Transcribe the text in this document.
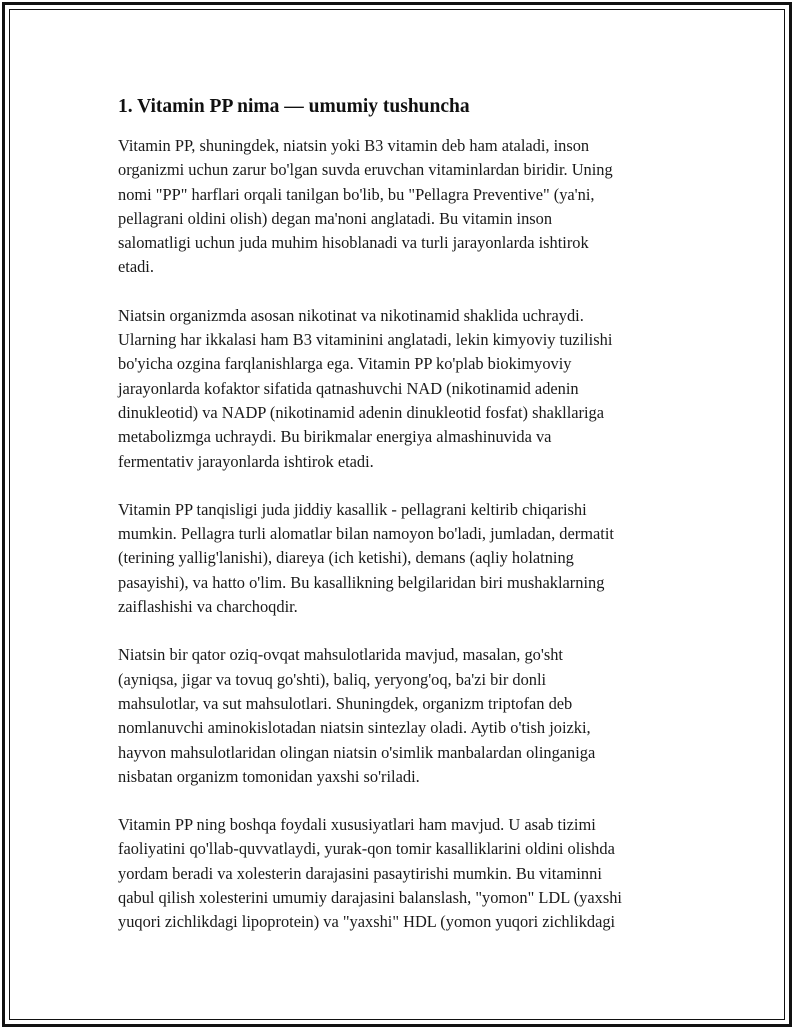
1. Vitamin PP nima — umumiy tushuncha

Vitamin PP, shuningdek, niatsin yoki B3 vitamin deb ham ataladi, inson
organizmi uchun zarur bo'lgan suvda eruvchan vitaminlardan biridir. Uning
nomi "PP" harflari orqali tanilgan bo'lib, bu "Pellagra Preventive" (ya'ni,
pellagrani oldini olish) degan ma'noni anglatadi. Bu vitamin inson
salomatligi uchun juda muhim hisoblanadi va turli jarayonlarda ishtirok
etadi.

Niatsin organizmda asosan nikotinat va nikotinamid shaklida uchraydi.
Ularning har ikkalasi ham B3 vitaminini anglatadi, lekin kimyoviy tuzilishi
bo'yicha ozgina farqlanishlarga ega. Vitamin PP ko'plab biokimyoviy
jarayonlarda kofaktor sifatida qatnashuvchi NAD (nikotinamid adenin
dinukleotid) va NADP (nikotinamid adenin dinukleotid fosfat) shakllariga
metabolizmga uchraydi. Bu birikmalar energiya almashinuvida va
fermentativ jarayonlarda ishtirok etadi.

Vitamin PP tanqisligi juda jiddiy kasallik - pellagrani keltirib chiqarishi
mumkin. Pellagra turli alomatlar bilan namoyon bo'ladi, jumladan, dermatit
(terining yallig'lanishi), diareya (ich ketishi), demans (aqliy holatning
pasayishi), va hatto o'lim. Bu kasallikning belgilaridan biri mushaklarning
zaiflashishi va charchoqdir.

Niatsin bir qator oziq-ovqat mahsulotlarida mavjud, masalan, go'sht
(ayniqsa, jigar va tovuq go'shti), baliq, yeryong'oq, ba'zi bir donli
mahsulotlar, va sut mahsulotlari. Shuningdek, organizm triptofan deb
nomlanuvchi aminokislotadan niatsin sintezlay oladi. Aytib o'tish joizki,
hayvon mahsulotlaridan olingan niatsin o'simlik manbalardan olinganiga
nisbatan organizm tomonidan yaxshi so'riladi.

Vitamin PP ning boshqa foydali xususiyatlari ham mavjud. U asab tizimi
faoliyatini qo'llab-quvvatlaydi, yurak-qon tomir kasalliklarini oldini olishda
yordam beradi va xolesterin darajasini pasaytirishi mumkin. Bu vitaminni
qabul qilish xolesterini umumiy darajasini balanslash, "yomon" LDL (yaxshi
yuqori zichlikdagi lipoprotein) va "yaxshi" HDL (yomon yuqori zichlikdagi
